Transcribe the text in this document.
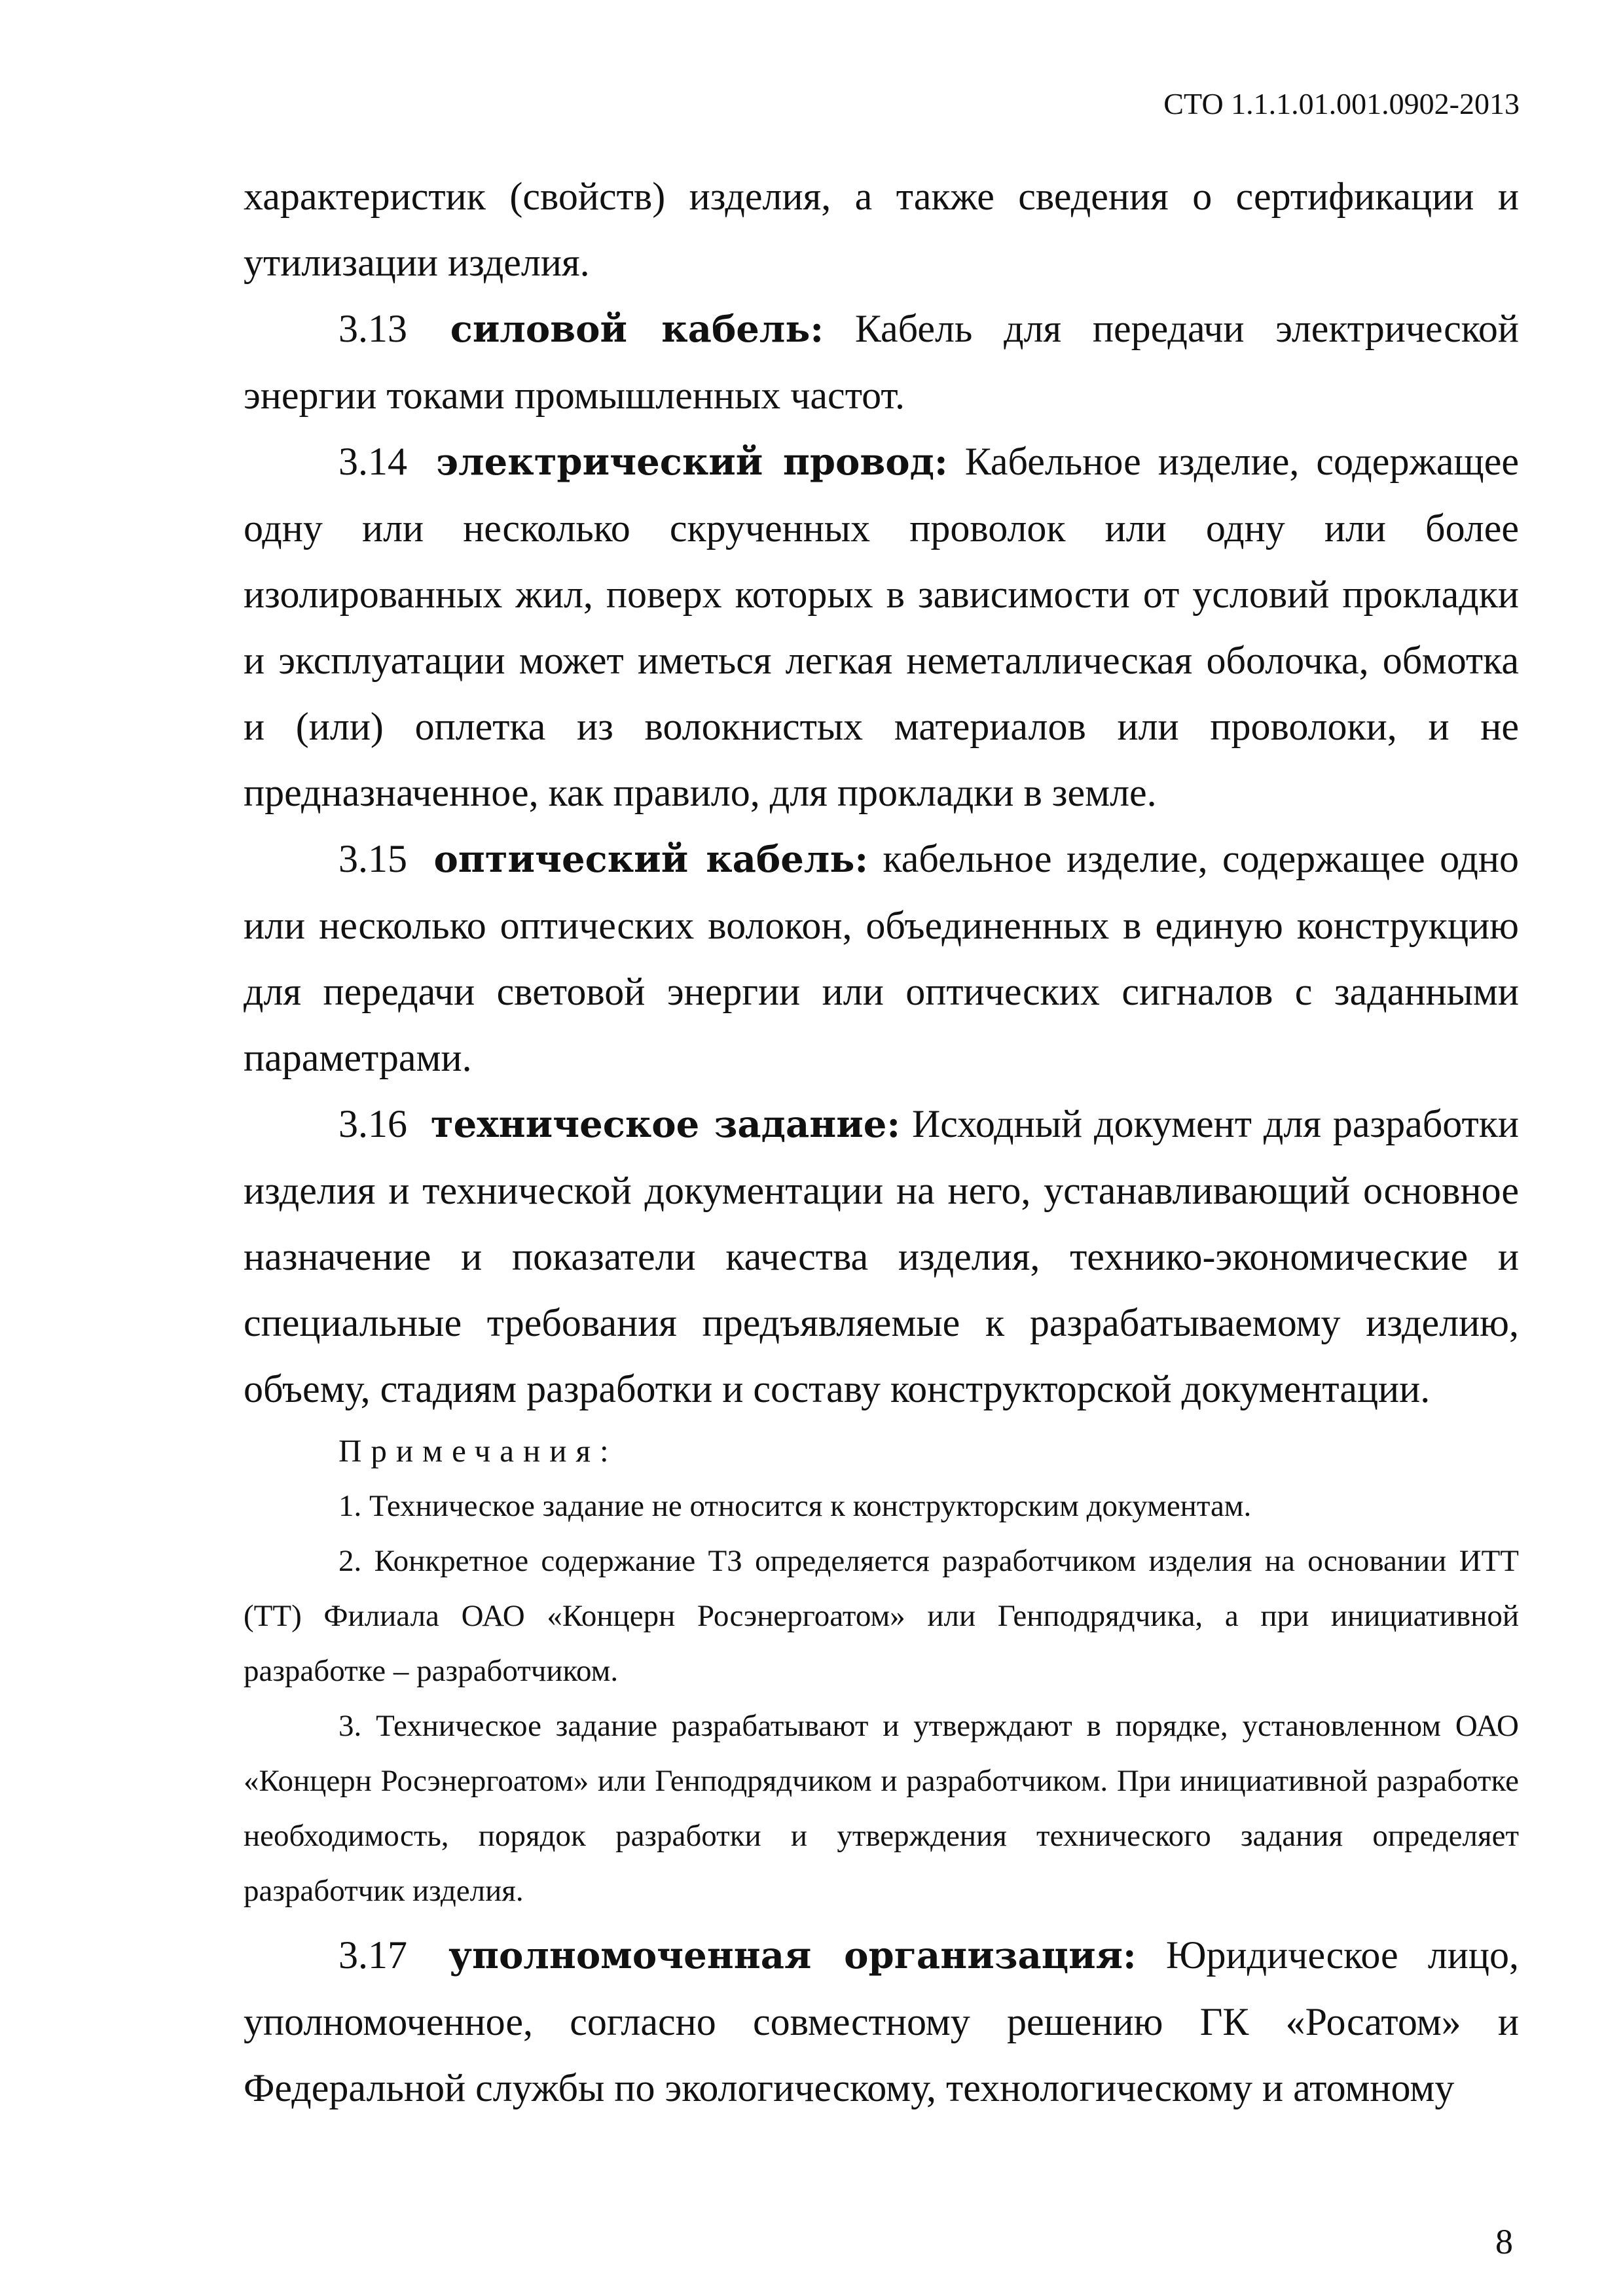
СТО 1.1.1.01.001.0902-2013

характеристик (свойств) изделия, а также сведения о сертификации и утилизации изделия.

3.13 силовой кабель: Кабель для передачи электрической энергии токами промышленных частот.

3.14 электрический провод: Кабельное изделие, содержащее одну или несколько скрученных проволок или одну или более изолированных жил, поверх которых в зависимости от условий прокладки и эксплуатации может иметься легкая неметаллическая оболочка, обмотка и (или) оплетка из волокнистых материалов или проволоки, и не предназначенное, как правило, для прокладки в земле.

3.15 оптический кабель: кабельное изделие, содержащее одно или несколько оптических волокон, объединенных в единую конструкцию для передачи световой энергии или оптических сигналов с заданными параметрами.

3.16 техническое задание: Исходный документ для разработки изделия и технической документации на него, устанавливающий основное назначение и показатели качества изделия, технико-экономические и специальные требования предъявляемые к разрабатываемому изделию, объему, стадиям разработки и составу конструкторской документации.

Примечания:

1. Техническое задание не относится к конструкторским документам.

2. Конкретное содержание ТЗ определяется разработчиком изделия на основании ИТТ (ТТ) Филиала ОАО «Концерн Росэнергоатом» или Генподрядчика, а при инициативной разработке – разработчиком.

3. Техническое задание разрабатывают и утверждают в порядке, установленном ОАО «Концерн Росэнергоатом» или Генподрядчиком и разработчиком. При инициативной разработке необходимость, порядок разработки и утверждения технического задания определяет разработчик изделия.

3.17 уполномоченная организация: Юридическое лицо, уполномоченное, согласно совместному решению ГК «Росатом» и Федеральной службы по экологическому, технологическому и атомному

8
